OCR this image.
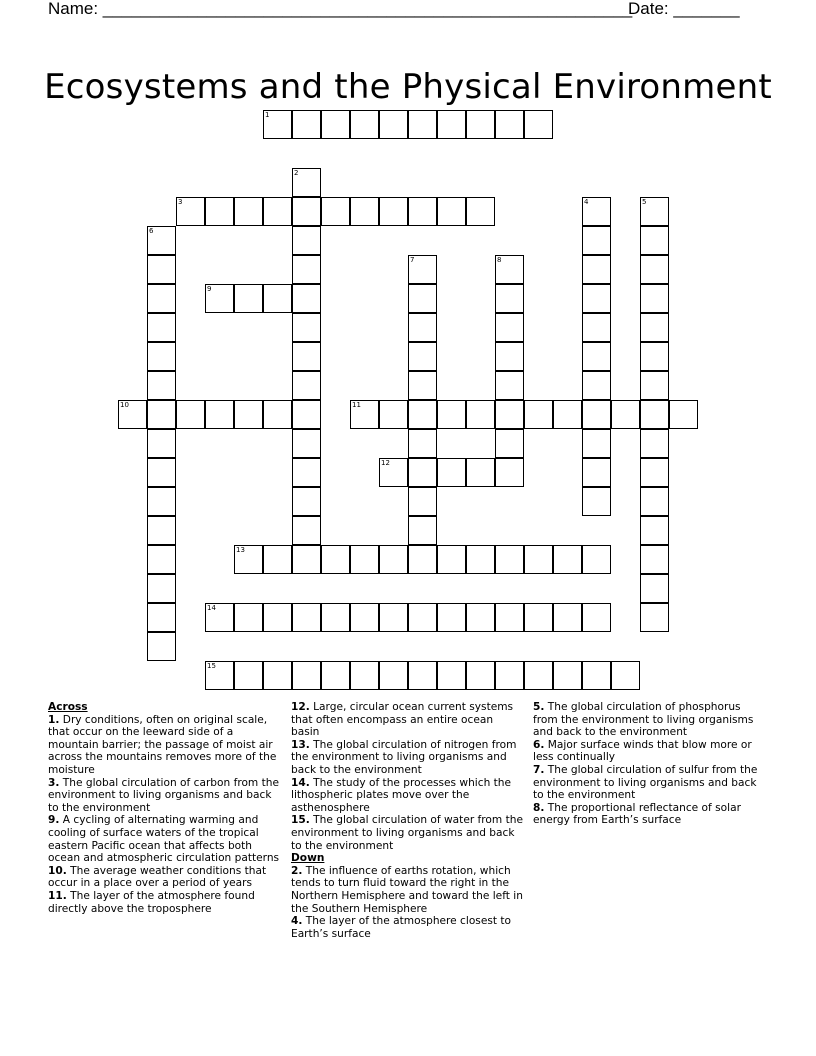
Name: ________________________________________________________
Date: _______
Ecosystems and the Physical Environment
1
2
3	4	5
6
7	8
9
10	11
12
13
14
15
Across
1. Dry conditions, often on original scale, that occur on the leeward side of a mountain barrier; the passage of moist air across the mountains removes more of the moisture
3. The global circulation of carbon from the environment to living organisms and back to the environment
9. A cycling of alternating warming and cooling of surface waters of the tropical eastern Pacific ocean that affects both ocean and atmospheric circulation patterns
10. The average weather conditions that occur in a place over a period of years
11. The layer of the atmosphere found directly above the troposphere
12. Large, circular ocean current systems that often encompass an entire ocean basin
13. The global circulation of nitrogen from the environment to living organisms and back to the environment
14. The study of the processes which the lithospheric plates move over the asthenosphere
15. The global circulation of water from the environment to living organisms and back to the environment
Down
2. The influence of earths rotation, which tends to turn fluid toward the right in the Northern Hemisphere and toward the left in the Southern Hemisphere
4. The layer of the atmosphere closest to Earth’s surface
5. The global circulation of phosphorus from the environment to living organisms and back to the environment
6. Major surface winds that blow more or less continually
7. The global circulation of sulfur from the environment to living organisms and back to the environment
8. The proportional reflectance of solar energy from Earth’s surface
